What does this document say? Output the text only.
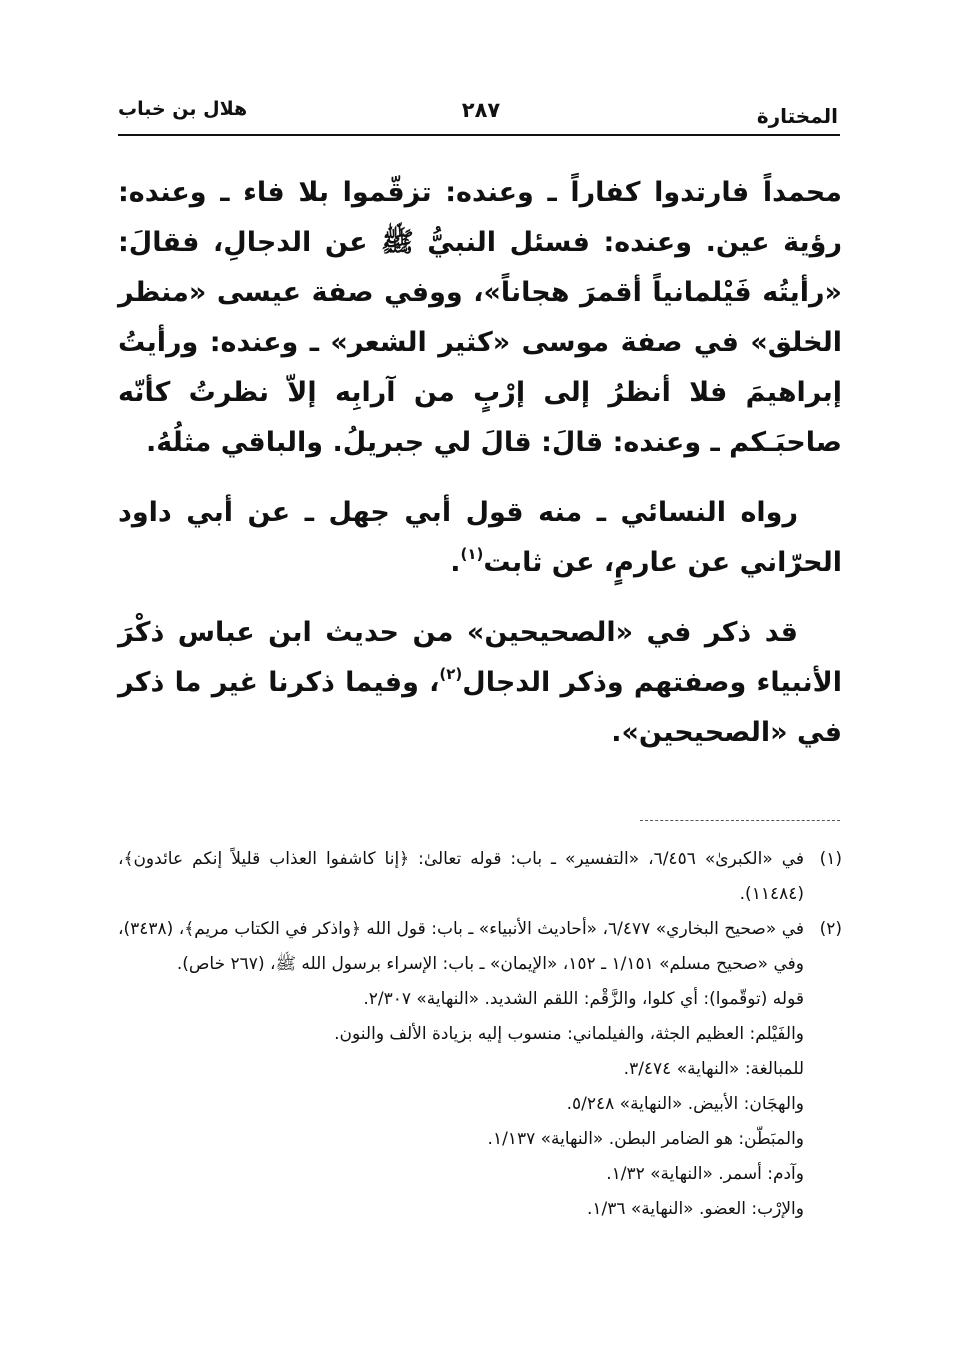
المختارة
٢٨٧
هلال بن خباب

محمداً فارتدوا كفاراً ـ وعنده: تزقّموا بلا فاء ـ وعنده: رؤية عين. وعنده: فسئل النبيُّ ﷺ عن الدجالِ، فقالَ: «رأيتُه فَيْلمانياً أقمرَ هجاناً»، ووفي صفة عيسى «منظر الخلق» في صفة موسى «كثير الشعر» ـ وعنده: ورأيتُ إبراهيمَ فلا أنظرُ إلى إرْبٍ من آرابِه إلاّ نظرتُ كأنّه صاحبَـكم ـ وعنده: قالَ: قالَ لي جبريلُ. والباقي مثلُهُ.

رواه النسائي ـ منه قول أبي جهل ـ عن أبي داود الحرّاني عن عارمٍ، عن ثابت$^{(١)}$.

قد ذكر في «الصحيحين» من حديث ابن عباس ذكْرَ الأنبياء وصفتهم وذكر الدجال$^{(٢)}$، وفيما ذكرنا غير ما ذكر في «الصحيحين».

(١)
في «الكبرىٰ» ٦/٤٥٦، «التفسير» ـ باب: قوله تعالىٰ: ﴿إنا كاشفوا العذاب قليلاً إنكم عائدون﴾، (١١٤٨٤).
(٢)
في «صحيح البخاري» ٦/٤٧٧، «أحاديث الأنبياء» ـ باب: قول الله ﴿واذكر في الكتاب مريم﴾، (٣٤٣٨)، وفي «صحيح مسلم» ١/١٥١ ـ ١٥٢، «الإيمان» ـ باب: الإسراء برسول الله ﷺ، (٢٦٧ خاص).
قوله (توقّموا): أي كلوا، والزَّقْم: اللقم الشديد. «النهاية» ٢/٣٠٧.
والفَيْلم: العظيم الجثة، والفيلماني: منسوب إليه بزيادة الألف والنون.
للمبالغة: «النهاية» ٣/٤٧٤.
والهجَان: الأبيض. «النهاية» ٥/٢٤٨.
والمبَطّن: هو الضامر البطن. «النهاية» ١/١٣٧.
وآدم: أسمر. «النهاية» ١/٣٢.
والإرْب: العضو. «النهاية» ١/٣٦.
